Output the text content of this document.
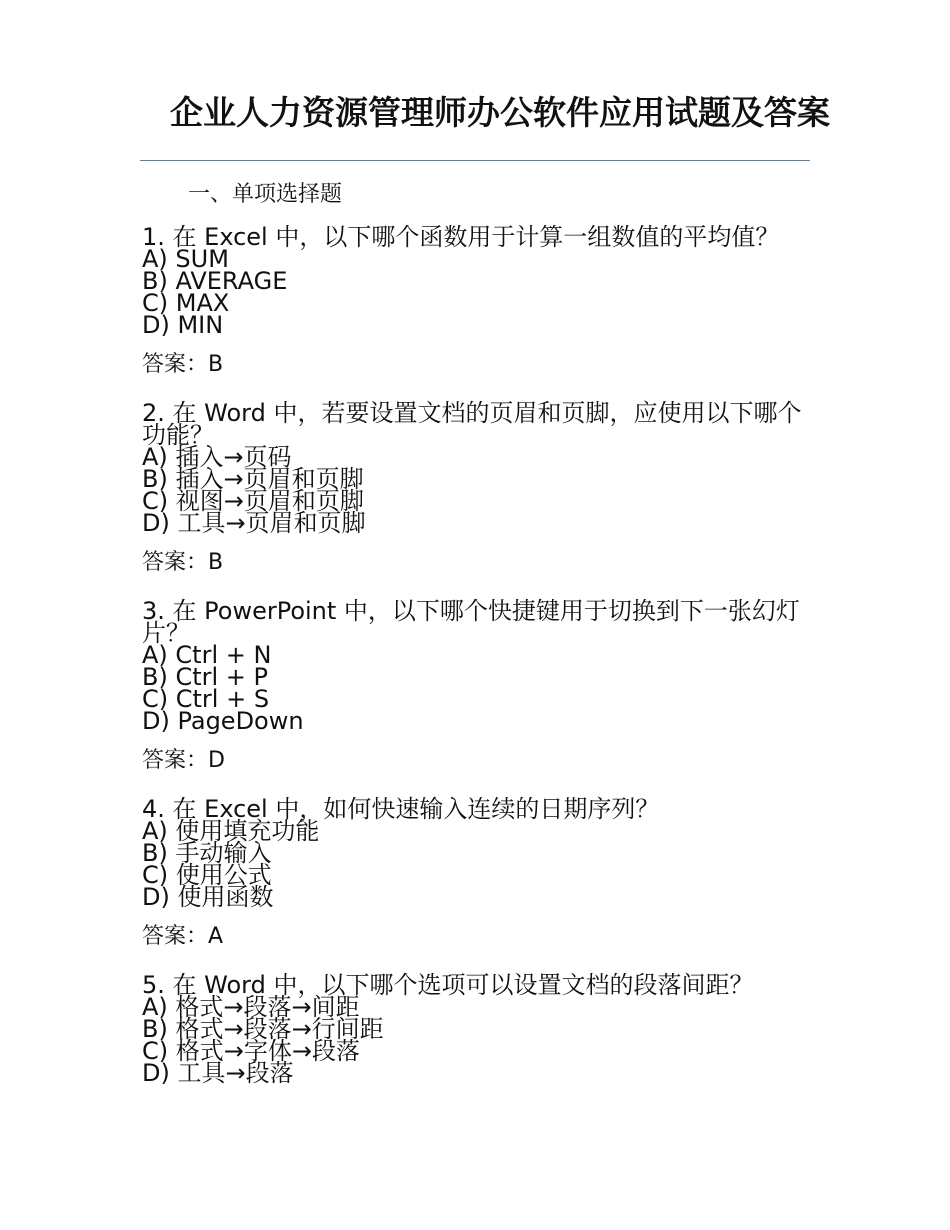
企业人力资源管理师办公软件应用试题及答案
一、单项选择题
1. 在 Excel 中，以下哪个函数用于计算一组数值的平均值？
A) SUM
B) AVERAGE
C) MAX
D) MIN
答案：B
2. 在 Word 中，若要设置文档的页眉和页脚，应使用以下哪个功能？
A) 插入→页码
B) 插入→页眉和页脚
C) 视图→页眉和页脚
D) 工具→页眉和页脚
答案：B
3. 在 PowerPoint 中，以下哪个快捷键用于切换到下一张幻灯片？
A) Ctrl + N
B) Ctrl + P
C) Ctrl + S
D) PageDown
答案：D
4. 在 Excel 中，如何快速输入连续的日期序列？
A) 使用填充功能
B) 手动输入
C) 使用公式
D) 使用函数
答案：A
5. 在 Word 中，以下哪个选项可以设置文档的段落间距？
A) 格式→段落→间距
B) 格式→段落→行间距
C) 格式→字体→段落
D) 工具→段落
